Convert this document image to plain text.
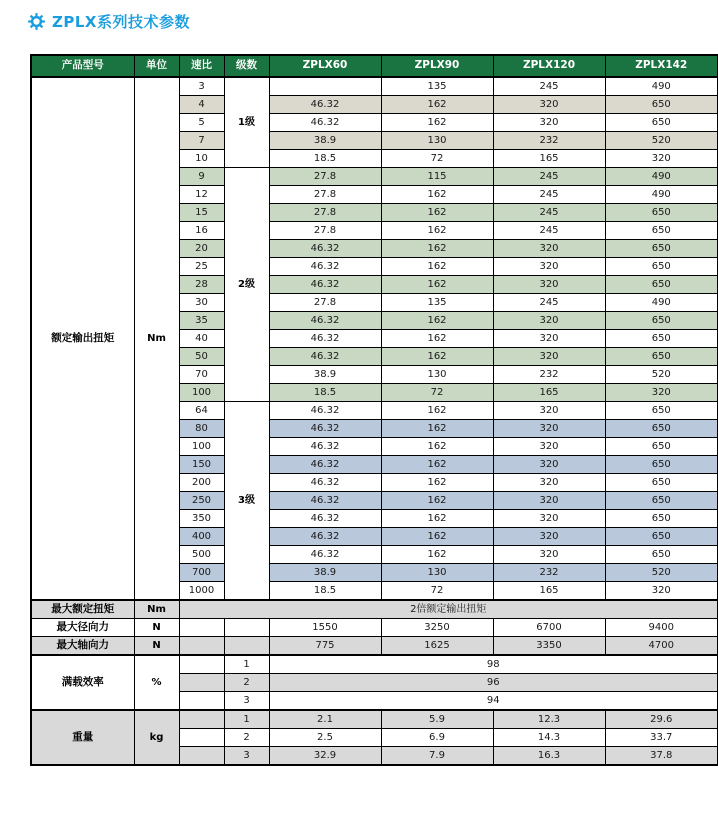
ZPLX系列技术参数
产品型号	单位	速比	级数	ZPLX60	ZPLX90	ZPLX120	ZPLX142
额定输出扭矩	Nm	3	1级		135	245	490
		4		46.32	162	320	650
		5		46.32	162	320	650
		7		38.9	130	232	520
		10		18.5	72	165	320
		9	2级	27.8	115	245	490
		12		27.8	162	245	490
		15		27.8	162	245	650
		16		27.8	162	245	650
		20		46.32	162	320	650
		25		46.32	162	320	650
		28		46.32	162	320	650
		30		27.8	135	245	490
		35		46.32	162	320	650
		40		46.32	162	320	650
		50		46.32	162	320	650
		70		38.9	130	232	520
		100		18.5	72	165	320
		64	3级	46.32	162	320	650
		80		46.32	162	320	650
		100		46.32	162	320	650
		150		46.32	162	320	650
		200		46.32	162	320	650
		250		46.32	162	320	650
		350		46.32	162	320	650
		400		46.32	162	320	650
		500		46.32	162	320	650
		700		38.9	130	232	520
		1000		18.5	72	165	320
最大额定扭矩	Nm	2倍额定输出扭矩					
最大径向力	N			1550	3250	6700	9400
最大轴向力	N			775	1625	3350	4700
满载效率	%		1	98			
			2	96			
			3	94			
重量	kg		1	2.1	5.9	12.3	29.6
			2	2.5	6.9	14.3	33.7
			3	32.9	7.9	16.3	37.8
